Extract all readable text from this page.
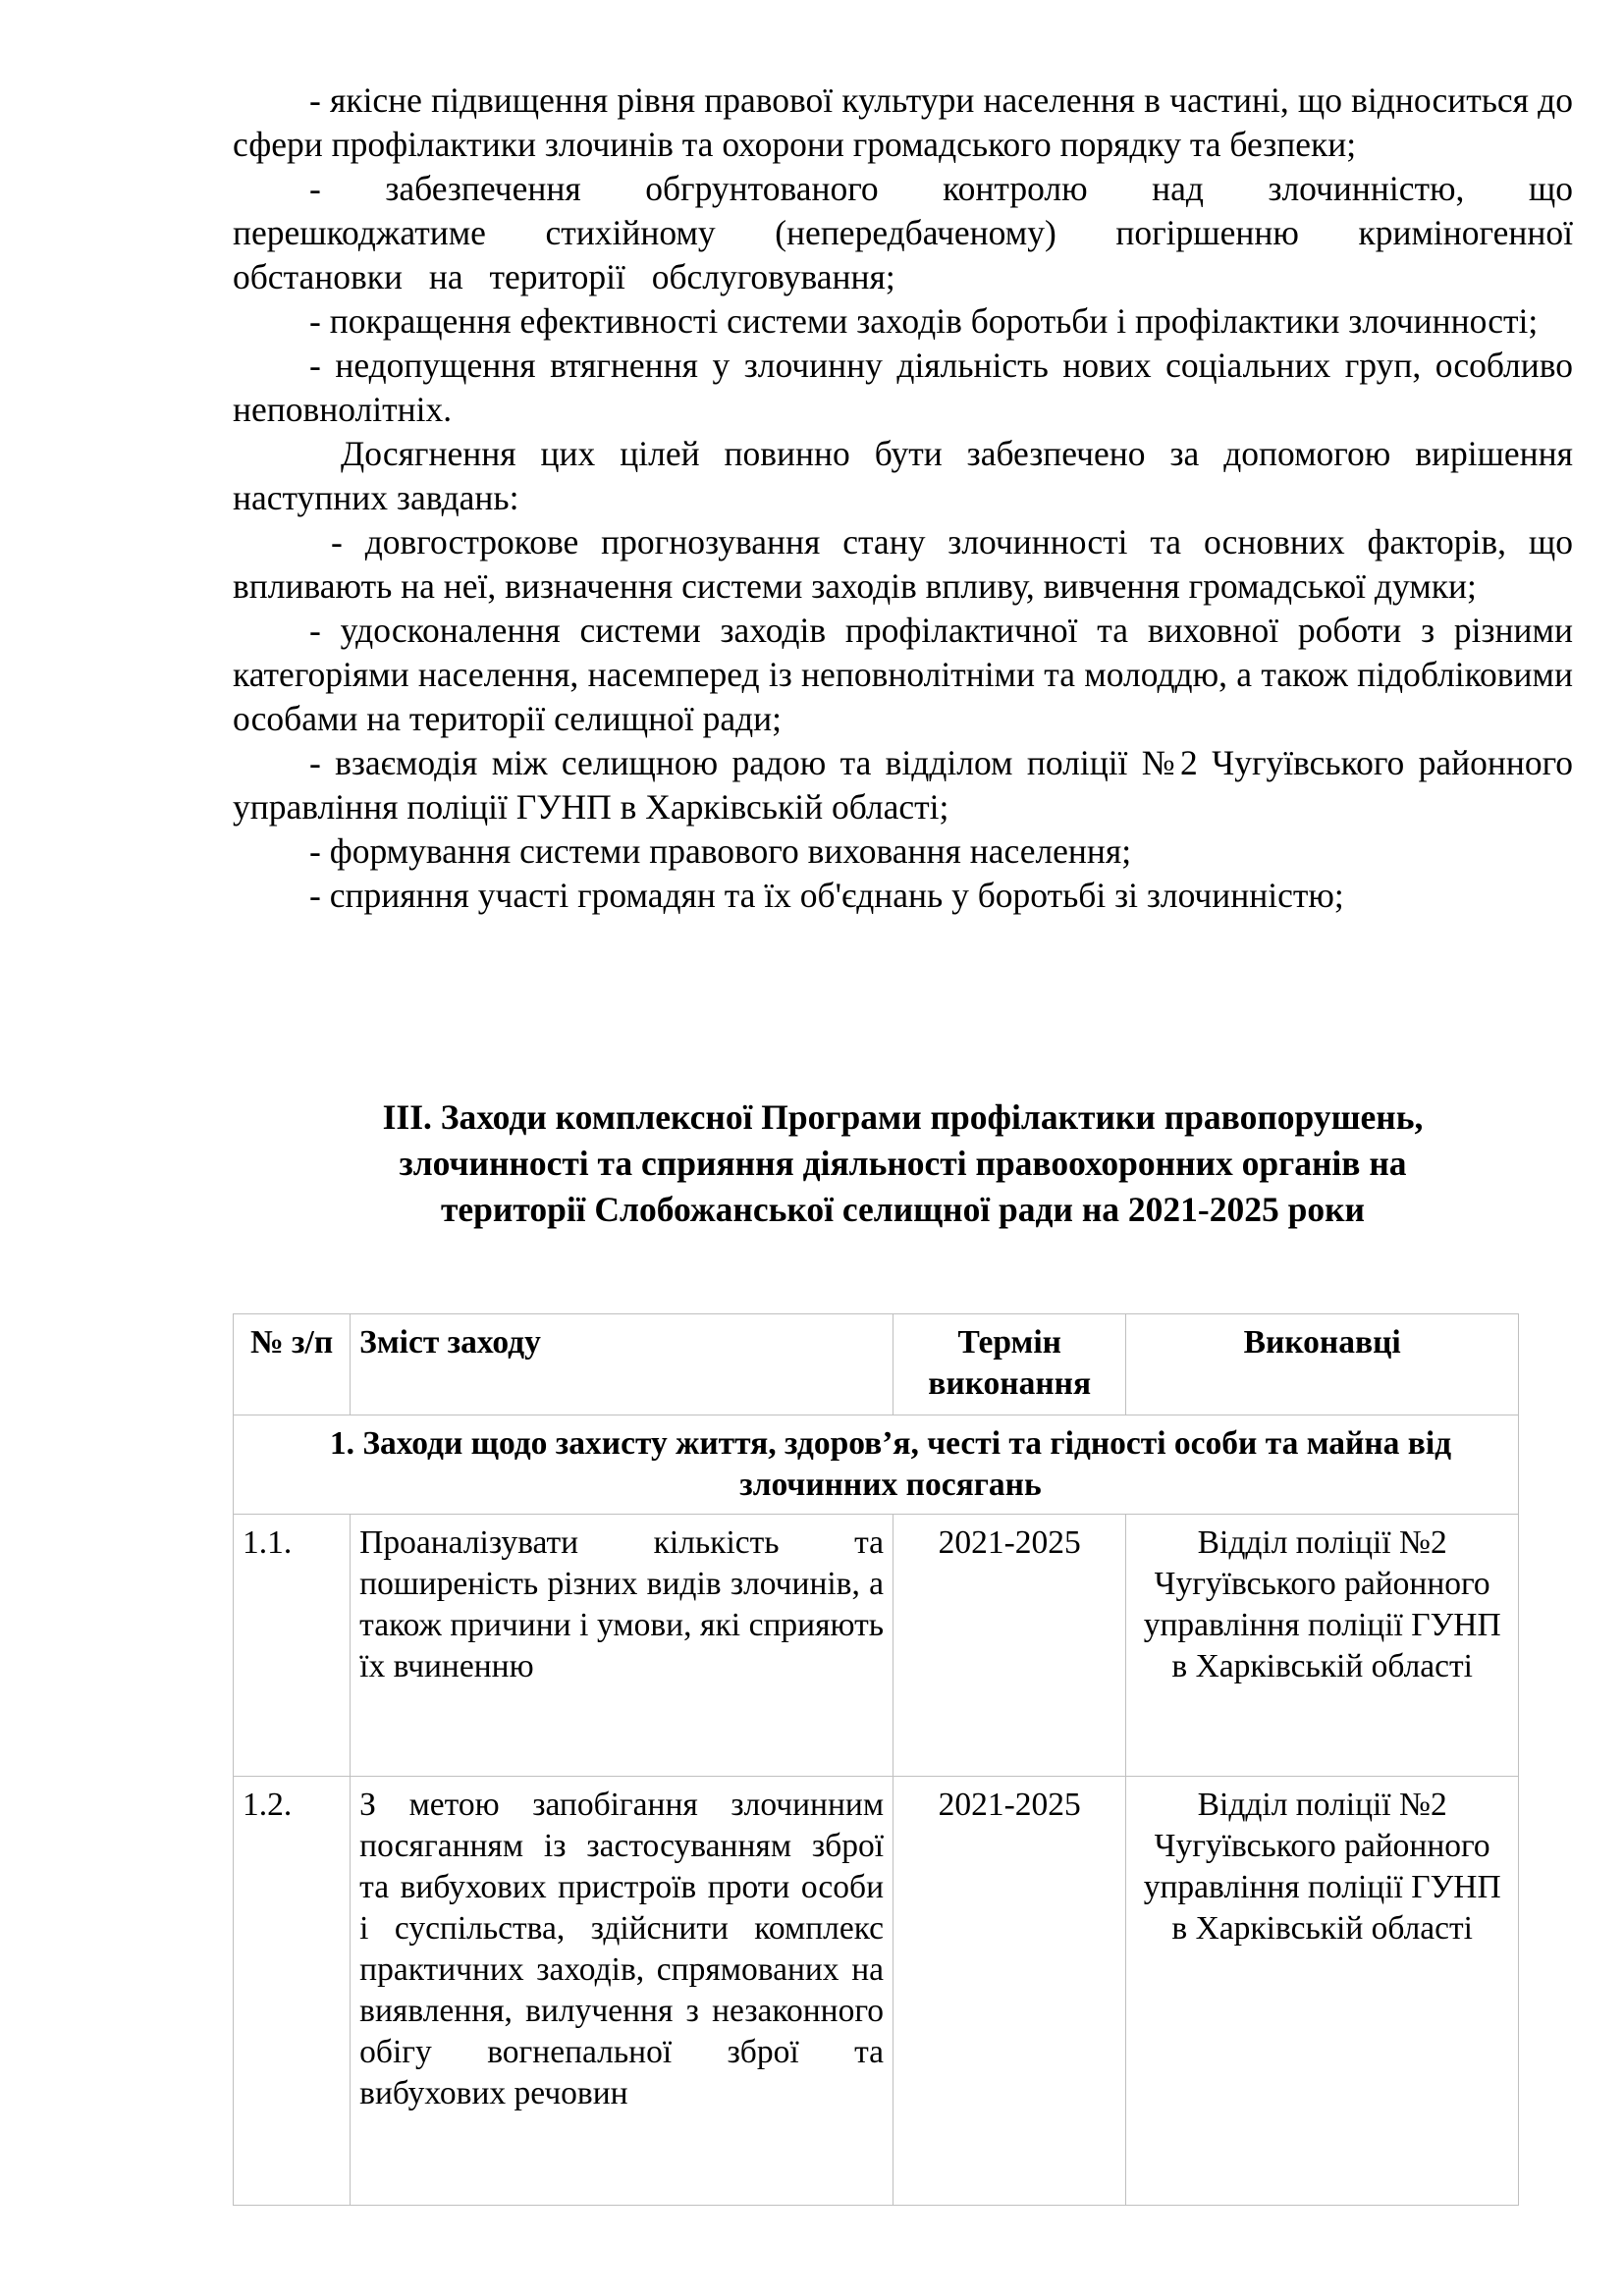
- якісне підвищення рівня правової культури населення в частині, що відноситься до сфери профілактики злочинів та охорони громадського порядку та безпеки;

- забезпечення обгрунтованого контролю над злочинністю, що перешкоджатиме стихійному (непередбаченому) погіршенню криміногенної обстановки на території обслуговування;

- покращення ефективності системи заходів боротьби і профілактики злочинності;

- недопущення втягнення у злочинну діяльність нових соціальних груп, особливо неповнолітніх.

Досягнення цих цілей повинно бути забезпечено за допомогою вирішення наступних завдань:

- довгострокове прогнозування стану злочинності та основних факторів, що впливають на неї, визначення системи заходів впливу, вивчення громадської думки;

- удосконалення системи заходів профілактичної та виховної роботи з різними категоріями населення, насемперед із неповнолітніми та молоддю, а також підобліковими особами на території селищної ради;

- взаємодія між селищною радою та відділом поліції №2 Чугуївського районного управління поліції ГУНП в Харківській області;

- формування системи правового виховання населення;

- сприяння участі громадян та їх об'єднань у боротьбі зі злочинністю;

ІІІ. Заходи комплексної Програми профілактики правопорушень,
злочинності та сприяння діяльності правоохоронних органів на
території Слобожанської селищної ради на 2021-2025 роки
№ з/п	Зміст заходу	Термін виконання	Виконавці
1. Заходи щодо захисту життя, здоров’я, честі та гідності особи та майна від злочинних посягань			
1.1.	Проаналізувати кількість та поширеність різних видів злочинів, а також причини і умови, які сприяють їх вчиненню	2021-2025	Відділ поліції №2 Чугуївського районного управління поліції ГУНП в Харківській області
1.2.	З метою запобігання злочинним посяганням із застосуванням зброї та вибухових пристроїв проти особи і суспільства, здійснити комплекс практичних заходів, спрямованих на виявлення, вилучення з незаконного обігу вогнепальної зброї та вибухових речовин	2021-2025	Відділ поліції №2 Чугуївського районного управління поліції ГУНП в Харківській області
